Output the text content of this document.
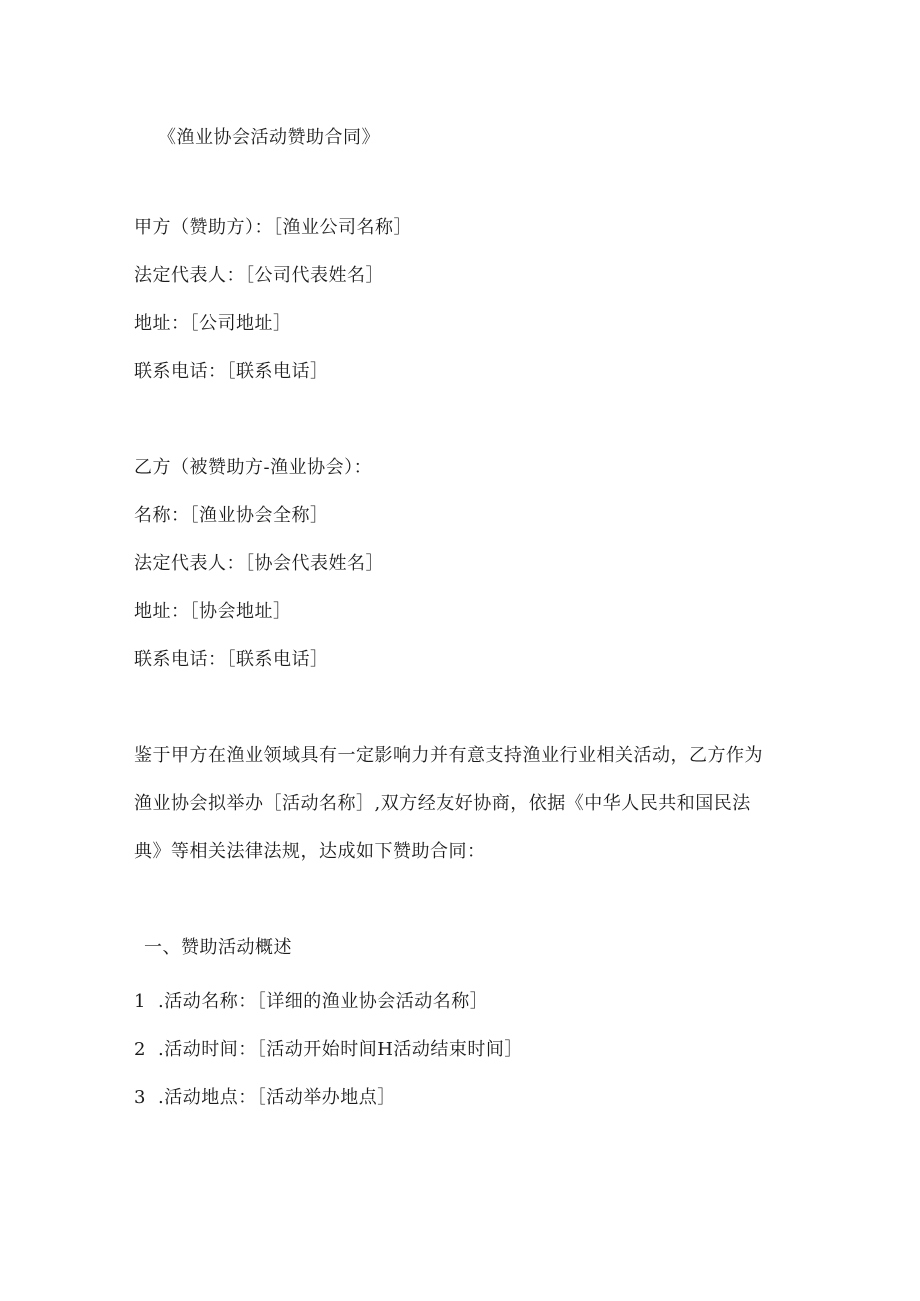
《渔业协会活动赞助合同》
甲方（赞助方）：［渔业公司名称］
法定代表人：［公司代表姓名］
地址：［公司地址］
联系电话：［联系电话］
乙方（被赞助方-渔业协会）：
名称：［渔业协会全称］
法定代表人：［协会代表姓名］
地址：［协会地址］
联系电话：［联系电话］
鉴于甲方在渔业领域具有一定影响力并有意支持渔业行业相关活动，乙方作为
渔业协会拟举办［活动名称］,双方经友好协商，依据《中华人民共和国民法
典》等相关法律法规，达成如下赞助合同：
一、赞助活动概述
1 .活动名称：［详细的渔业协会活动名称］
2 .活动时间：［活动开始时间H活动结束时间］
3 .活动地点：［活动举办地点］
